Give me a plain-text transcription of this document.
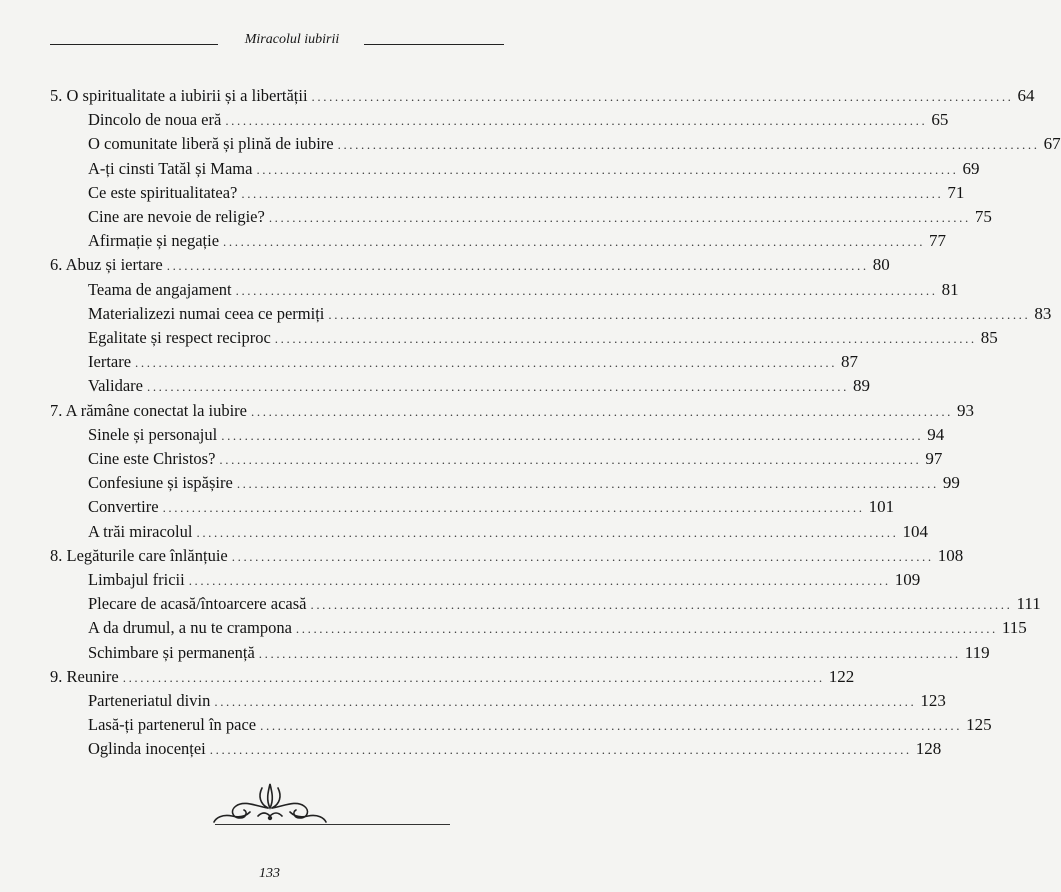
Miracolul iubirii
5. O spiritualitate a iubirii și a libertății ........................................................................................................................ 64
Dincolo de noua eră ........................................................................................................................ 65
O comunitate liberă și plină de iubire ........................................................................................................................ 67
A-ți cinsti Tatăl și Mama ........................................................................................................................ 69
Ce este spiritualitatea? ........................................................................................................................ 71
Cine are nevoie de religie? ........................................................................................................................ 75
Afirmație și negație ........................................................................................................................ 77
6. Abuz și iertare ........................................................................................................................ 80
Teama de angajament ........................................................................................................................ 81
Materializezi numai ceea ce permiți ........................................................................................................................ 83
Egalitate și respect reciproc ........................................................................................................................ 85
Iertare ........................................................................................................................ 87
Validare ........................................................................................................................ 89
7. A rămâne conectat la iubire ........................................................................................................................ 93
Sinele și personajul ........................................................................................................................ 94
Cine este Christos? ........................................................................................................................ 97
Confesiune și ispășire ........................................................................................................................ 99
Convertire ........................................................................................................................ 101
A trăi miracolul ........................................................................................................................ 104
8. Legăturile care înlănțuie ........................................................................................................................ 108
Limbajul fricii ........................................................................................................................ 109
Plecare de acasă/întoarcere acasă ........................................................................................................................ 111
A da drumul, a nu te crampona ........................................................................................................................ 115
Schimbare și permanență ........................................................................................................................ 119
9. Reunire ........................................................................................................................ 122
Parteneriatul divin ........................................................................................................................ 123
Lasă-ți partenerul în pace ........................................................................................................................ 125
Oglinda inocenței ........................................................................................................................ 128
133
